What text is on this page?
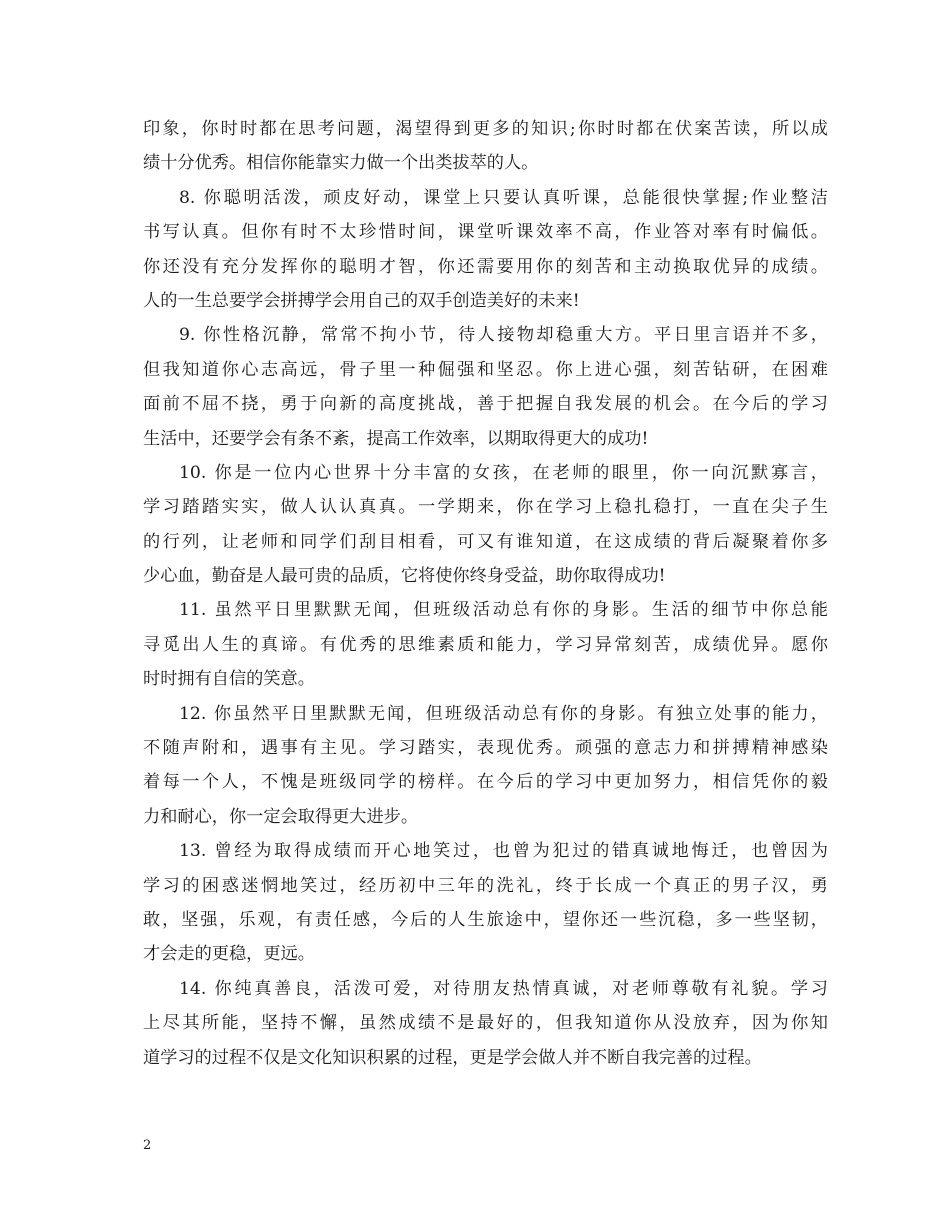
印象，你时时都在思考问题，渴望得到更多的知识;你时时都在伏案苦读，所以成
绩十分优秀。相信你能靠实力做一个出类拔萃的人。
8. 你聪明活泼，顽皮好动，课堂上只要认真听课，总能很快掌握;作业整洁
书写认真。但你有时不太珍惜时间，课堂听课效率不高，作业答对率有时偏低。
你还没有充分发挥你的聪明才智，你还需要用你的刻苦和主动换取优异的成绩。
人的一生总要学会拼搏学会用自己的双手创造美好的未来!
9. 你性格沉静，常常不拘小节，待人接物却稳重大方。平日里言语并不多，
但我知道你心志高远，骨子里一种倔强和坚忍。你上进心强，刻苦钻研，在困难
面前不屈不挠，勇于向新的高度挑战，善于把握自我发展的机会。在今后的学习
生活中，还要学会有条不紊，提高工作效率，以期取得更大的成功!
10. 你是一位内心世界十分丰富的女孩，在老师的眼里，你一向沉默寡言，
学习踏踏实实，做人认认真真。一学期来，你在学习上稳扎稳打，一直在尖子生
的行列，让老师和同学们刮目相看，可又有谁知道，在这成绩的背后凝聚着你多
少心血，勤奋是人最可贵的品质，它将使你终身受益，助你取得成功!
11. 虽然平日里默默无闻，但班级活动总有你的身影。生活的细节中你总能
寻觅出人生的真谛。有优秀的思维素质和能力，学习异常刻苦，成绩优异。愿你
时时拥有自信的笑意。
12. 你虽然平日里默默无闻，但班级活动总有你的身影。有独立处事的能力，
不随声附和，遇事有主见。学习踏实，表现优秀。顽强的意志力和拼搏精神感染
着每一个人，不愧是班级同学的榜样。在今后的学习中更加努力，相信凭你的毅
力和耐心，你一定会取得更大进步。
13. 曾经为取得成绩而开心地笑过，也曾为犯过的错真诚地悔迁，也曾因为
学习的困惑迷惘地笑过，经历初中三年的洗礼，终于长成一个真正的男子汉，勇
敢，坚强，乐观，有责任感，今后的人生旅途中，望你还一些沉稳，多一些坚韧，
才会走的更稳，更远。
14. 你纯真善良，活泼可爱，对待朋友热情真诚，对老师尊敬有礼貌。学习
上尽其所能，坚持不懈，虽然成绩不是最好的，但我知道你从没放弃，因为你知
道学习的过程不仅是文化知识积累的过程，更是学会做人并不断自我完善的过程。
2
